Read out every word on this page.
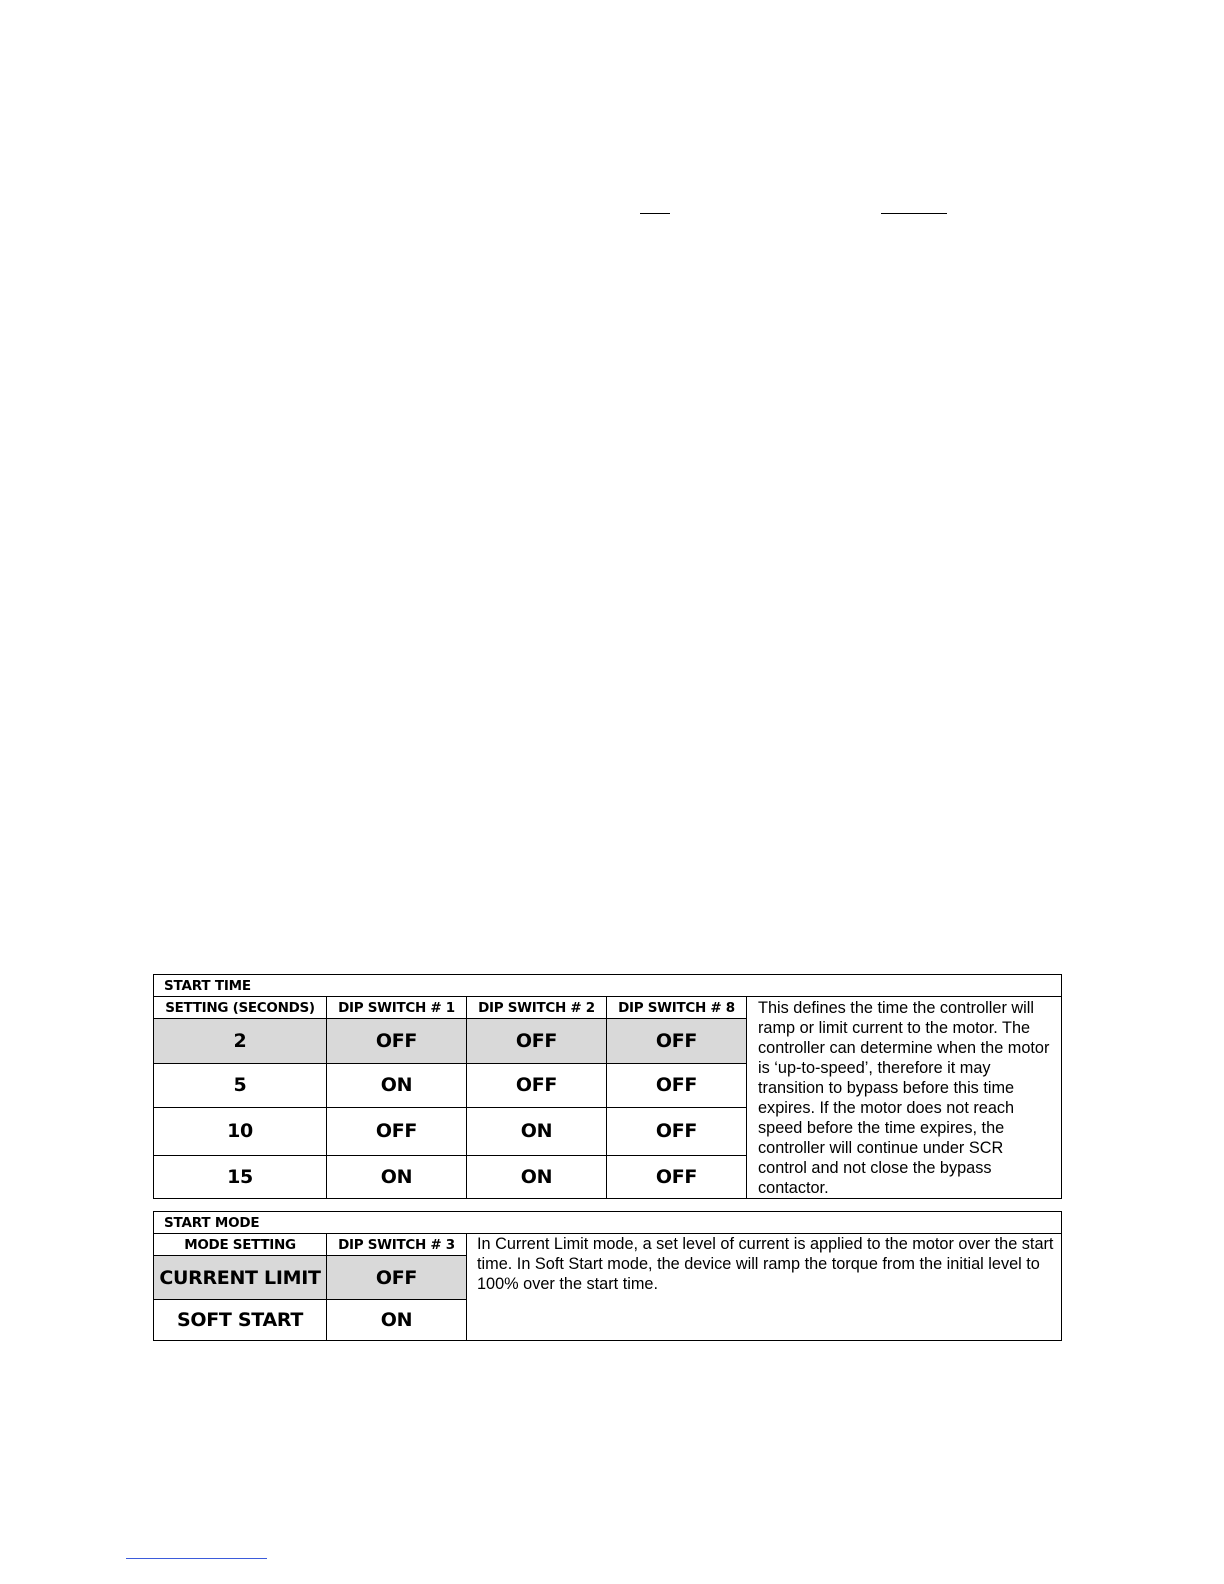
START TIME				
SETTING (SECONDS)	DIP SWITCH # 1	DIP SWITCH # 2	DIP SWITCH # 8	This defines the time the controller will ramp or limit current to the motor. The controller can determine when the motor is ‘up-to-speed’, therefore it may transition to bypass before this time expires. If the motor does not reach speed before the time expires, the controller will continue under SCR control and not close the bypass contactor.
2	OFF	OFF	OFF	
5	ON	OFF	OFF	
10	OFF	ON	OFF	
15	ON	ON	OFF	
START MODE		
MODE SETTING	DIP SWITCH # 3	In Current Limit mode, a set level of current is applied to the motor over the start time. In Soft Start mode, the device will ramp the torque from the initial level to 100% over the start time.
CURRENT LIMIT	OFF	
SOFT START	ON	
